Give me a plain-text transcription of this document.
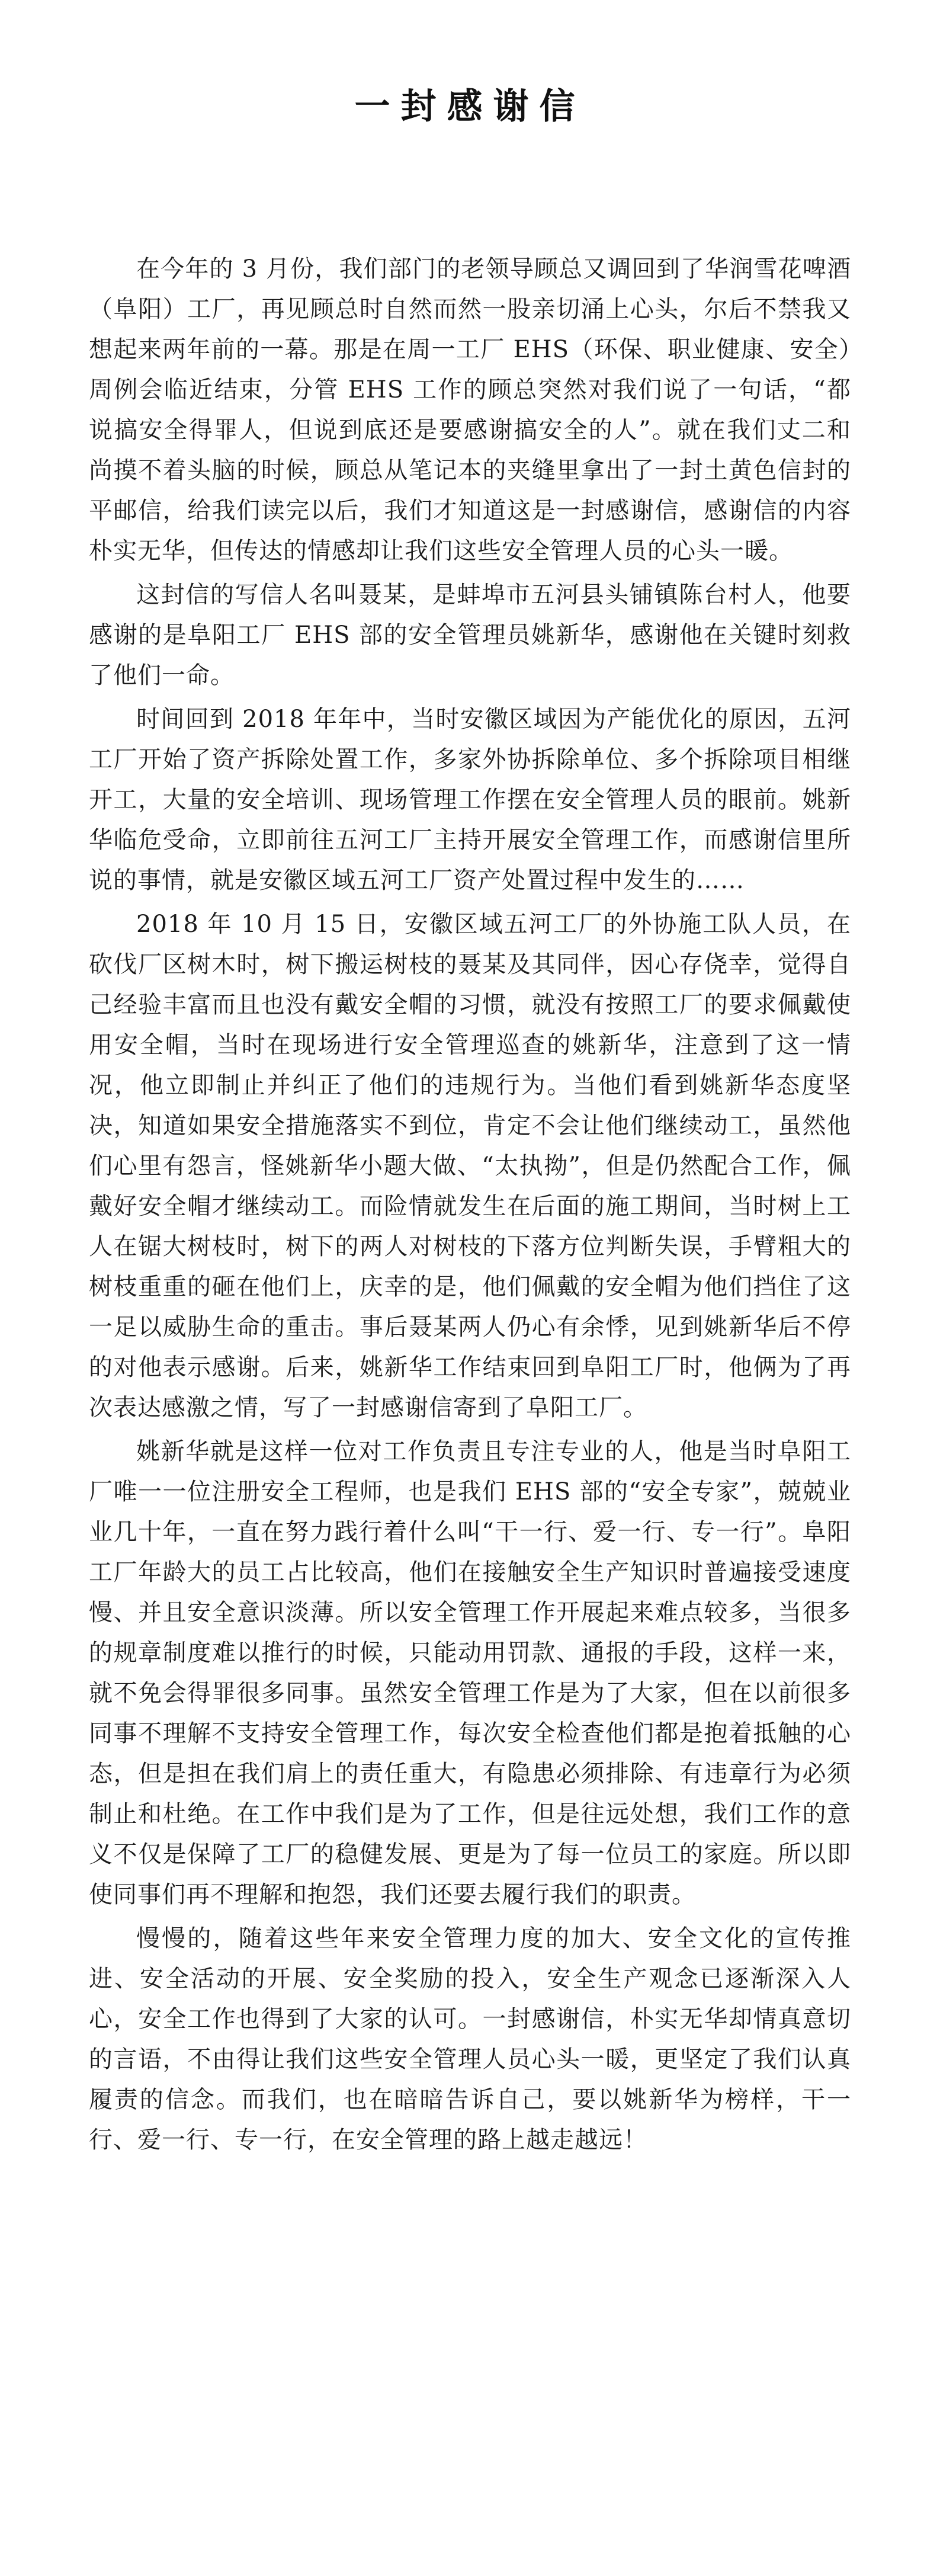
一封感谢信

在今年的 3 月份，我们部门的老领导顾总又调回到了华润雪花啤酒（阜阳）工厂，再见顾总时自然而然一股亲切涌上心头，尔后不禁我又想起来两年前的一幕。那是在周一工厂 EHS（环保、职业健康、安全）周例会临近结束，分管 EHS 工作的顾总突然对我们说了一句话，“都说搞安全得罪人，但说到底还是要感谢搞安全的人”。就在我们丈二和尚摸不着头脑的时候，顾总从笔记本的夹缝里拿出了一封土黄色信封的平邮信，给我们读完以后，我们才知道这是一封感谢信，感谢信的内容朴实无华，但传达的情感却让我们这些安全管理人员的心头一暖。

这封信的写信人名叫聂某，是蚌埠市五河县头铺镇陈台村人，他要感谢的是阜阳工厂 EHS 部的安全管理员姚新华，感谢他在关键时刻救了他们一命。

时间回到 2018 年年中，当时安徽区域因为产能优化的原因，五河工厂开始了资产拆除处置工作，多家外协拆除单位、多个拆除项目相继开工，大量的安全培训、现场管理工作摆在安全管理人员的眼前。姚新华临危受命，立即前往五河工厂主持开展安全管理工作，而感谢信里所说的事情，就是安徽区域五河工厂资产处置过程中发生的……

2018 年 10 月 15 日，安徽区域五河工厂的外协施工队人员，在砍伐厂区树木时，树下搬运树枝的聂某及其同伴，因心存侥幸，觉得自己经验丰富而且也没有戴安全帽的习惯，就没有按照工厂的要求佩戴使用安全帽，当时在现场进行安全管理巡查的姚新华，注意到了这一情况，他立即制止并纠正了他们的违规行为。当他们看到姚新华态度坚决，知道如果安全措施落实不到位，肯定不会让他们继续动工，虽然他们心里有怨言，怪姚新华小题大做、“太执拗”，但是仍然配合工作，佩戴好安全帽才继续动工。而险情就发生在后面的施工期间，当时树上工人在锯大树枝时，树下的两人对树枝的下落方位判断失误，手臂粗大的树枝重重的砸在他们上，庆幸的是，他们佩戴的安全帽为他们挡住了这一足以威胁生命的重击。事后聂某两人仍心有余悸，见到姚新华后不停的对他表示感谢。后来，姚新华工作结束回到阜阳工厂时，他俩为了再次表达感激之情，写了一封感谢信寄到了阜阳工厂。

姚新华就是这样一位对工作负责且专注专业的人，他是当时阜阳工厂唯一一位注册安全工程师，也是我们 EHS 部的“安全专家”，兢兢业业几十年，一直在努力践行着什么叫“干一行、爱一行、专一行”。阜阳工厂年龄大的员工占比较高，他们在接触安全生产知识时普遍接受速度慢、并且安全意识淡薄。所以安全管理工作开展起来难点较多，当很多的规章制度难以推行的时候，只能动用罚款、通报的手段，这样一来，就不免会得罪很多同事。虽然安全管理工作是为了大家，但在以前很多同事不理解不支持安全管理工作，每次安全检查他们都是抱着抵触的心态，但是担在我们肩上的责任重大，有隐患必须排除、有违章行为必须制止和杜绝。在工作中我们是为了工作，但是往远处想，我们工作的意义不仅是保障了工厂的稳健发展、更是为了每一位员工的家庭。所以即使同事们再不理解和抱怨，我们还要去履行我们的职责。

慢慢的，随着这些年来安全管理力度的加大、安全文化的宣传推进、安全活动的开展、安全奖励的投入，安全生产观念已逐渐深入人心，安全工作也得到了大家的认可。一封感谢信，朴实无华却情真意切的言语，不由得让我们这些安全管理人员心头一暖，更坚定了我们认真履责的信念。而我们，也在暗暗告诉自己，要以姚新华为榜样，干一行、爱一行、专一行，在安全管理的路上越走越远！
